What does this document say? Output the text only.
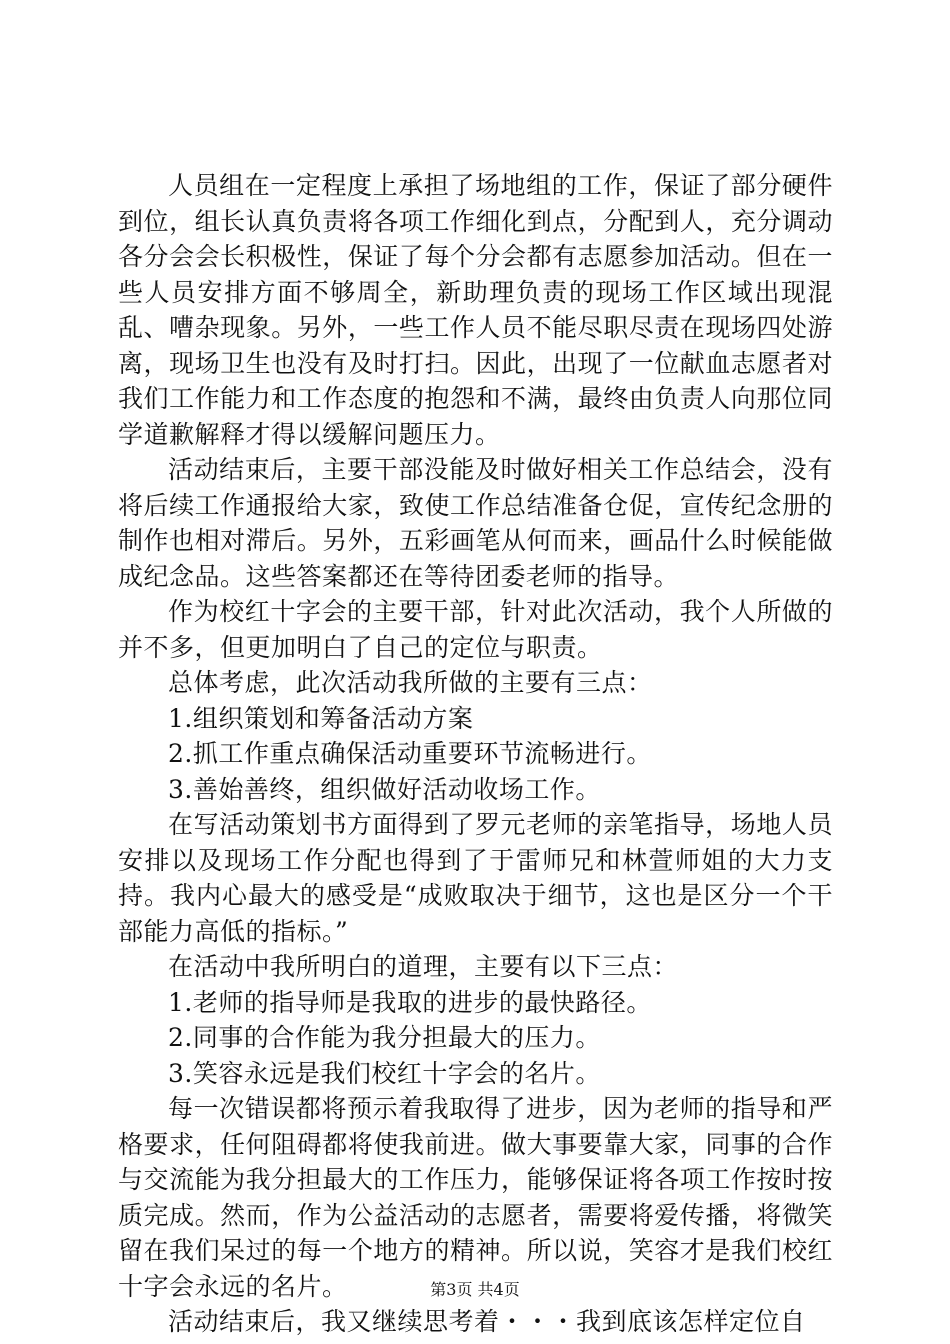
人员组在一定程度上承担了场地组的工作，保证了部分硬件到位，组长认真负责将各项工作细化到点，分配到人，充分调动各分会会长积极性，保证了每个分会都有志愿参加活动。但在一些人员安排方面不够周全，新助理负责的现场工作区域出现混乱、嘈杂现象。另外，一些工作人员不能尽职尽责在现场四处游离，现场卫生也没有及时打扫。因此，出现了一位献血志愿者对我们工作能力和工作态度的抱怨和不满，最终由负责人向那位同学道歉解释才得以缓解问题压力。

活动结束后，主要干部没能及时做好相关工作总结会，没有将后续工作通报给大家，致使工作总结准备仓促，宣传纪念册的制作也相对滞后。另外，五彩画笔从何而来，画品什么时候能做成纪念品。这些答案都还在等待团委老师的指导。

作为校红十字会的主要干部，针对此次活动，我个人所做的并不多，但更加明白了自己的定位与职责。

总体考虑，此次活动我所做的主要有三点：

1.组织策划和筹备活动方案

2.抓工作重点确保活动重要环节流畅进行。

3.善始善终，组织做好活动收场工作。

在写活动策划书方面得到了罗元老师的亲笔指导，场地人员安排以及现场工作分配也得到了于雷师兄和林萱师姐的大力支持。我内心最大的感受是“成败取决于细节，这也是区分一个干部能力高低的指标。”

在活动中我所明白的道理，主要有以下三点：

1.老师的指导师是我取的进步的最快路径。

2.同事的合作能为我分担最大的压力。

3.笑容永远是我们校红十字会的名片。

每一次错误都将预示着我取得了进步，因为老师的指导和严格要求，任何阻碍都将使我前进。做大事要靠大家，同事的合作与交流能为我分担最大的工作压力，能够保证将各项工作按时按质完成。然而，作为公益活动的志愿者，需要将爱传播，将微笑留在我们呆过的每一个地方的精神。所以说，笑容才是我们校红十字会永远的名片。

活动结束后，我又继续思考着・・・我到底该怎样定位自

第3页 共4页
